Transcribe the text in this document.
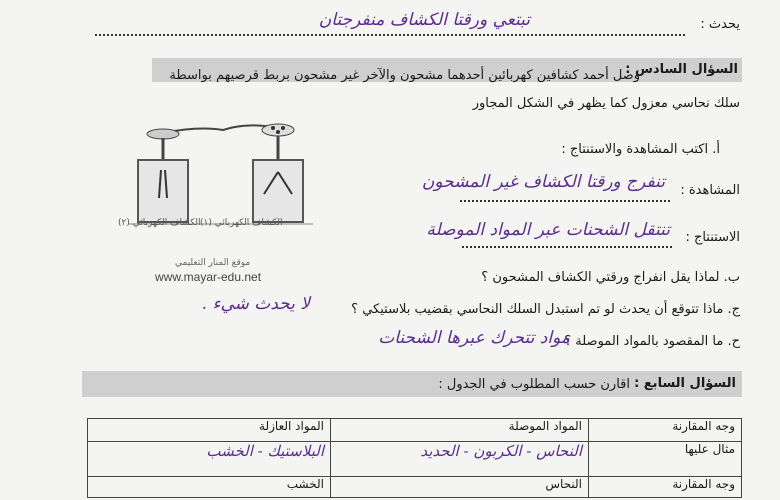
يحدث :
تبتعي ورقتا الكشاف منفرجتان
السؤال السادس :
وصل أحمد كشافين كهربائين أحدهما مشحون والآخر غير مشحون بربط قرصيهم بواسطة
سلك نحاسي معزول كما يظهر في الشكل المجاور
أ. اكتب المشاهدة والاستنتاج :
المشاهدة :
تنفرج ورقتا الكشاف غير المشحون
الاستنتاج :
تنتقل الشحنات عبر المواد الموصلة
ب. لماذا يقل انفراج ورقتي الكشاف المشحون ؟
ج. ماذا تتوقع أن يحدث لو تم استبدل السلك النحاسي بقضيب بلاستيكي ؟
لا يحدث شيء .
ح. ما المقصود بالمواد الموصلة ؟
مواد تتحرك عبرها الشحنات
الكشاف الكهربائي (١)
الكشاف الكهربائي (٢)
موقع المنار التعليمي
www.mayar-edu.net
السؤال السابع :
اقارن حسب المطلوب في الجدول :
وجه المقارنة	المواد الموصلة	المواد العازلة
مثال عليها	النحاس - الكربون - الحديد	البلاستيك - الخشب
وجه المقارنة	النحاس	الخشب
